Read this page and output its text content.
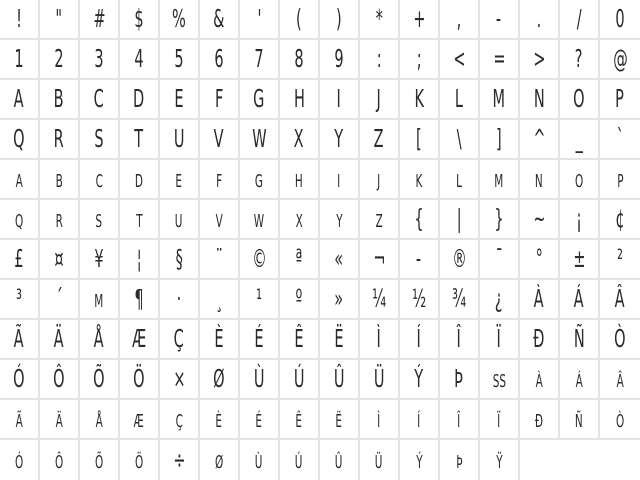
! " # $ % & ' ( ) * + , - . / 0
1 2 3 4 5 6 7 8 9 : ; < = > ? @
A B C D E F G H I J K L M N O P
Q R S T U V W X Y Z [ \ ] ^ _ `
a b c d e f g h i j k l m n o p
q r s t u v w x y z { | } ~ ¡ ¢
£ ¤ ¥ ¦ § ¨ © ª « ¬ - ® ¯ ° ± ²
³ ´ µ ¶ · ¸ ¹ º » ¼ ½ ¾ ¿ À Á Â
Ã Ä Å Æ Ç È É Ê Ë Ì Í Î Ï Ð Ñ Ò
Ó Ô Õ Ö × Ø Ù Ú Û Ü Ý Þ ß à á â
ã ä å æ ç è é ê ë ì í î ï ð ñ ò
ó ô õ ö ÷ ø ù ú û ü ý þ ÿ
